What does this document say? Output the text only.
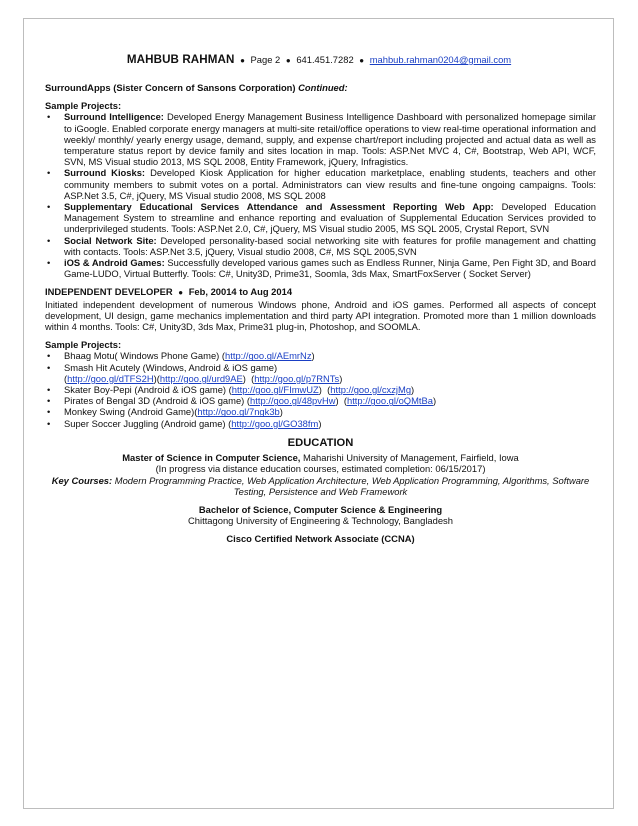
MAHBUB RAHMAN ● Page 2 ● 641.451.7282 ● mahbub.rahman0204@gmail.com

SurroundApps (Sister Concern of Sansons Corporation) Continued:

Sample Projects:

• Surround Intelligence: Developed Energy Management Business Intelligence Dashboard with personalized homepage similar to iGoogle. Enabled corporate energy managers at multi-site retail/office operations to view real-time operational information and weekly/ monthly/ yearly energy usage, demand, supply, and expense chart/report including projected and actual data as well as temperature status report by device family and sites location in map. Tools: ASP.Net MVC 4, C#, Bootstrap, Web API, WCF, SVN, MS Visual studio 2013, MS SQL 2008, Entity Framework, jQuery, Infragistics.
• Surround Kiosks: Developed Kiosk Application for higher education marketplace, enabling students, teachers and other community members to submit votes on a portal. Administrators can view results and fine-tune ongoing campaigns. Tools: ASP.Net 3.5, C#, jQuery, MS Visual studio 2008, MS SQL 2008
• Supplementary Educational Services Attendance and Assessment Reporting Web App: Developed Education Management System to streamline and enhance reporting and evaluation of Supplemental Education Services provided to underprivileged students. Tools: ASP.Net 2.0, C#, jQuery, MS Visual studio 2005, MS SQL 2005, Crystal Report, SVN
• Social Network Site: Developed personality-based social networking site with features for profile management and chatting with contacts. Tools: ASP.Net 3.5, jQuery, Visual studio 2008, C#, MS SQL 2005,SVN
• iOS & Android Games: Successfully developed various games such as Endless Runner, Ninja Game, Pen Fight 3D, and Board Game-LUDO, Virtual Butterfly. Tools: C#, Unity3D, Prime31, Soomla, 3ds Max, SmartFoxServer ( Socket Server)

INDEPENDENT DEVELOPER ● Feb, 20014 to Aug 2014

Initiated independent development of numerous Windows phone, Android and iOS games. Performed all aspects of concept development, UI design, game mechanics implementation and third party API integration. Promoted more than 1 million downloads within 4 months. Tools: C#, Unity3D, 3ds Max, Prime31 plug-in, Photoshop, and SOOMLA.

Sample Projects:

• Bhaag Motu( Windows Phone Game) (http://goo.gl/AEmrNz)
• Smash Hit Acutely (Windows, Android & iOS game)
(http://goo.gl/dTFS2H)(http://goo.gl/urd9AE)  (http://goo.gl/p7RNTs)
• Skater Boy-Pepi (Android & iOS game) (http://goo.gl/FImwUZ)  (http://goo.gl/cxzjMg)
• Pirates of Bengal 3D (Android & iOS game) (http://goo.gl/48pvHw)  (http://goo.gl/oQMtBa)
• Monkey Swing (Android Game)(http://goo.gl/7ngk3b)
• Super Soccer Juggling (Android game) (http://goo.gl/GO38fm)

EDUCATION

Master of Science in Computer Science, Maharishi University of Management, Fairfield, Iowa

(In progress via distance education courses, estimated completion: 06/15/2017)

Key Courses: Modern Programming Practice, Web Application Architecture, Web Application Programming, Algorithms, Software Testing, Persistence and Web Framework

Bachelor of Science, Computer Science & Engineering

Chittagong University of Engineering & Technology, Bangladesh

Cisco Certified Network Associate (CCNA)
